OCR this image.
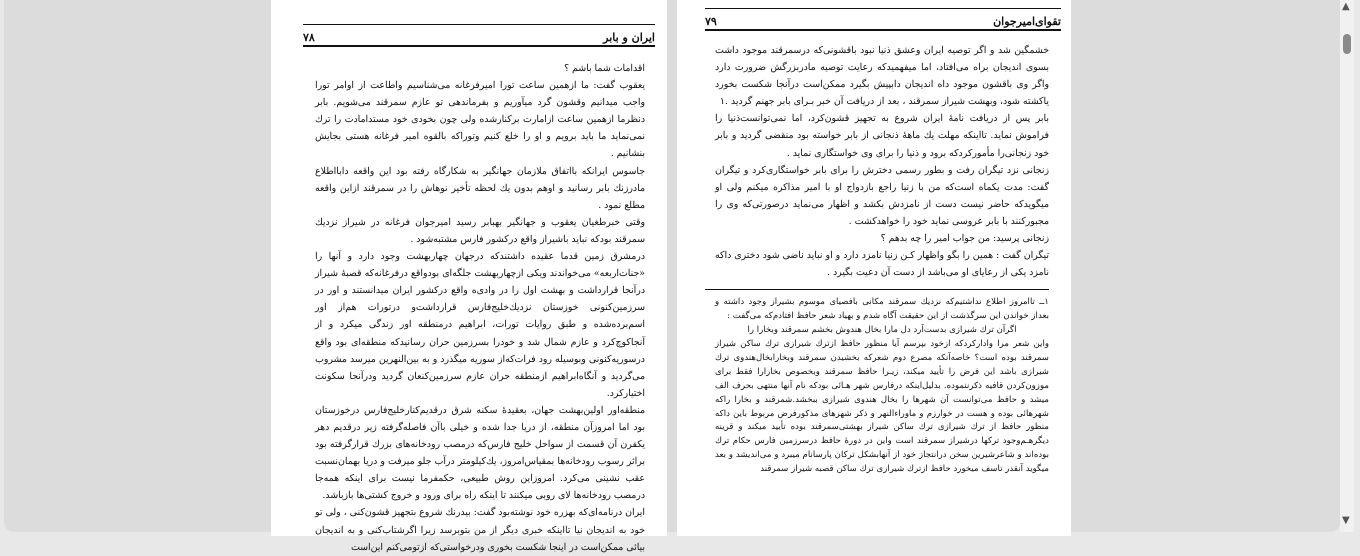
ایران و بابر
۷۸

اقدامات شما باشم ؟

یعقوب گفت: ما ازهمین ساعت تورا امیرفرغانه می‌شناسیم واطاعت از اوامر تورا واجب میدانیم وقشون گرد میآوریم و بفرماندهی تو عازم سمرقند می‌شویم. بابر دنظرما ازهمین ساعت ازامارت برکنارشده ولی چون بخودی خود مستدامادت را ترك نمی‌نماید ما باید برویم و او را خلع کنیم وتوراکه بالقوه امیر فرغانه هستی بجایش بنشانیم .

جاسوس ایرانکه بااتفاق ملازمان جهانگیر به شکارگاه رفته بود این واقعه دابااطلاع مادرزنك بابر رسانید و اوهم بدون یك لحظه تأخیر نوهاش را در سمرقند ازاین واقعه مطلع نمود .

وقتی خبرطغیان یعقوب و جهانگیر بهبابر رسید امیرجوان فرغانه در شیراز نزدیك سمرقند بودکه نباید باشیراز واقع درکشور فارس مشتبه‌شود .

درمشرق زمین قدما عقیده داشتندکه درجهان چهاربهشت وجود دارد و آنها را «جنات‌اربعه» می‌خواندند ویکی ازچهاربهشت جلگه‌ای بودواقع درفرغانه‌که قصبهٔ شیراز درآنجا قرارداشت و بهشت اول را در وادی‌ه واقع درکشور ایران میدانستند و اور در سرزمین‌کنونی خوزستان نزدیك‌خلیج‌فارس قرارداشت‌و درتورات هم‌از اور اسم‌برده‌شده و طبق روایات تورات، ابراهیم درمنطقه اور زندگی میکرد و از آنجاکوچ‌کرد و عازم شمال شد و خودرا بسرزمین حران رسانیدکه منطقه‌ای بود واقع درسوریه‌کنونی وبوسیله رود فرات‌که‌از سوریه میگذرد و به بین‌النهرین میرسد مشروب می‌گردید و آنگاه‌ابراهیم ازمنطقه حران عازم سرزمین‌کنعان گردید ودرآنجا سکونت اختیارکرد.

منطقه‌اور اولین‌بهشت جهان، بعقیدهٔ سکنه شرق درقدیم‌کنارخلیج‌فارس درخوزستان بود اما امروزآن منطقه، از دریا جدا شده و خیلی باآن فاصله‌گرفته زیر درقدیم دهر یکفرن آن قسمت از سواحل خلیج فارس‌که درمصب رودخانه‌های بزرك قرارگرفته بود براثر رسوب رودخانه‌ها بمقیاس‌امروز، یك‌کیلومتر درآب جلو میرفت و دریا بهمان‌نسبت عقب نشینی می‌کرد. امروزاین روش طبیعی، حکمفرما نیست برای اینکه همه‌جا درمصب رودخانه‌ها لای روبی میکنند تا اینکه راه برای ورود و خروج کشتی‌ها بازباشد.

ایران درنامه‌ای‌که بهزره خود نوشته‌بود گفت: بیدرنك شروع بتجهیز قشون‌کنی ، ولی تو خود به اندیجان نیا تااینکه خبری دیگر از من بتوبرسد زیرا اگرشتاب‌کنی و به اندیجان بیائی ممکن‌است در اینجا شکست بخوری ودرخواستی‌که ازتومی‌کنم این‌است

تقوای‌امیرجوان
۷۹

خشمگین شد و اگر توصیه ایران وعشق ذنیا نبود باقشونی‌که درسمرقند موجود داشت بسوی اندیجان براه می‌افتاد، اما میفهمیدکه رعایت توصیه مادربزرگش ضرورت دارد واگر وی باقشون موجود داه اندیجان دابپیش بگیرد ممکن‌است درآنجا شکست بخورد یاکشته شود، وبهشت شیراز سمرقند ، بعد از دریافت آن خبر بـرای بابر جهنم گردید .۱

بابر پس از دریافت نامهٔ ایران شروع به تجهیز قشون‌کرد، اما نمی‌توانست‌ذنیا را فراموش نماید. تااینکه مهلت یك ماهه‌ٔ ذنجانی از بابر خواسته بود منقضی گردید و بابر خود زنجانی‌را مأمورکردکه برود و ذنیا را برای وی خواستگاری نماید .

زنجانی نزد تیگران رفت و بطور رسمی دخترش را برای بابر خواستگاری‌کرد و تیگران گفت: مدت یکماه است‌که من با زنیا راجع بازدواج او با امیر مذاکره میکنم ولی او میگویدکه حاضر نیست دست از نامزدش بکشد و اظهار می‌نماید درصورتی‌که وی را مجبورکنند با بابر عروسی نماید خود را خواهدکشت .

زنجانی پرسید: من جواب امیر را چه بدهم ؟

تیگران گفت : همین را بگو واظهار کـن زنیا نامزد دارد و او نباید ناضی شود دختری داکه نامزد یکی از رعایای او می‌باشد از دست آن دعیت بگیرد .

۱ــ تاامروز اطلاع نداشتیم‌که نزدیك سمرقند مکانی بافصیای موسوم بشیراز وجود داشته و بعداز خواندن این سرگذشت از این حقیقت آگاه شدم و بهیاد شعر حافظ افتادم‌که می‌گفت :

اگرآن ترك شیرازی بدست‌آرد دل مارا بخال هندوش بخشم سمرقند وبخارا را

واین شعر مرا وادارکردکه ازخود بپرسم آیا منظور حافظ ازترك شیرازی ترك ساکن شیراز سمرقند بوده است؟ خاصه‌آنکه مصرع دوم شعرکه بخشیدن سمرقند وبخارا‌بخال‌هندوی ترك شیرازی باشد این فرض را تأیید میکند، زیـرا حافظ سمرقند وبخصوص بخارا‌را فقط برای موزون‌کردن قافیه ذکرننموده. بدلیل‌اینکه درفارس شهر هـائی بودکه نام آنها منتهی بحرف الف میشد و حافظ می‌توانست آن شهرها را بخال هندوی شیرازی ببخشد.شمرقند و بخارا راکه شهرهائی بوده و هست در خوارزم و ماوراءالنهر و ذکر شهرهای مذکور‌فرض مربوط باین داکه منظور حافظ از ترك شیرازی ترك ساکن شیراز بهشتی‌سمرقند بوده تأیید میکند و قرینه دیگرهـم‌وجود ترکها درشیراز سمرقند است واین در دورهٔ حافظ درسرزمین فارس حکام ترك بوده‌اند و شاعرشیرین سخن درانتجاز خود از آنهابشکل ترکان پارسانام میبرد و می‌اندیشد و بعد میگوید آنقدر تاسف میخورد حافظ ازترك شیرازی ترك ساکن قصبه شیراز سمرقند

▲
▼
